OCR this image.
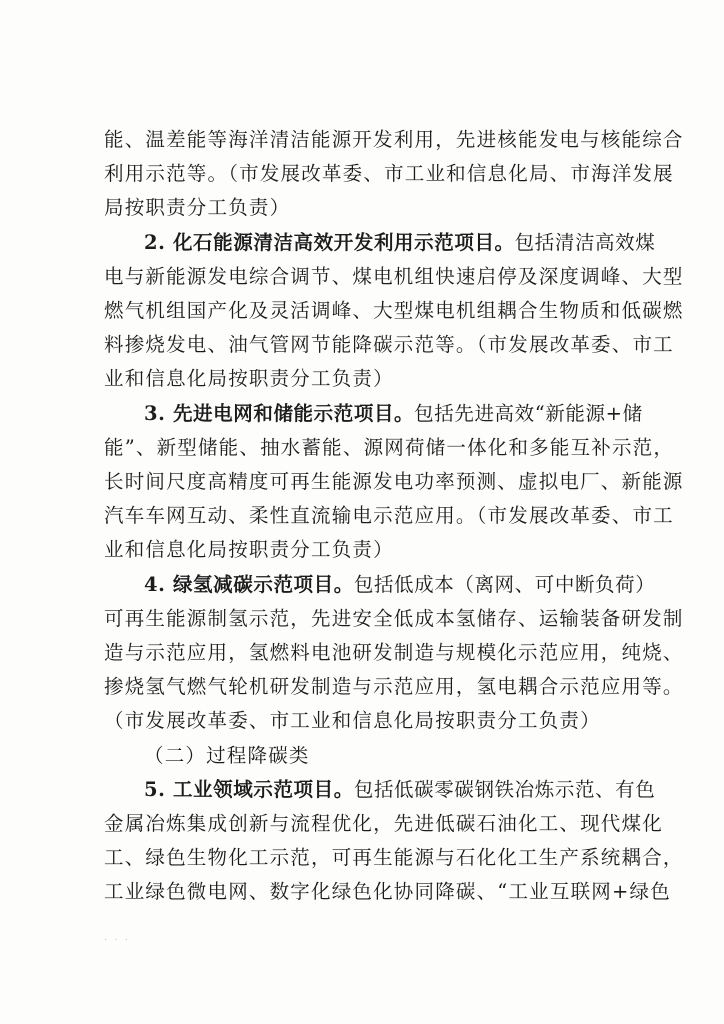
能、温差能等海洋清洁能源开发利用，先进核能发电与核能综合
利用示范等。（市发展改革委、市工业和信息化局、市海洋发展
局按职责分工负责）
2. 化石能源清洁高效开发利用示范项目。包括清洁高效煤
电与新能源发电综合调节、煤电机组快速启停及深度调峰、大型
燃气机组国产化及灵活调峰、大型煤电机组耦合生物质和低碳燃
料掺烧发电、油气管网节能降碳示范等。（市发展改革委、市工
业和信息化局按职责分工负责）
3. 先进电网和储能示范项目。包括先进高效“新能源+储
能”、新型储能、抽水蓄能、源网荷储一体化和多能互补示范，
长时间尺度高精度可再生能源发电功率预测、虚拟电厂、新能源
汽车车网互动、柔性直流输电示范应用。（市发展改革委、市工
业和信息化局按职责分工负责）
4. 绿氢减碳示范项目。包括低成本（离网、可中断负荷）
可再生能源制氢示范，先进安全低成本氢储存、运输装备研发制
造与示范应用，氢燃料电池研发制造与规模化示范应用，纯烧、
掺烧氢气燃气轮机研发制造与示范应用，氢电耦合示范应用等。
（市发展改革委、市工业和信息化局按职责分工负责）
（二）过程降碳类
5. 工业领域示范项目。包括低碳零碳钢铁冶炼示范、有色
金属冶炼集成创新与流程优化，先进低碳石油化工、现代煤化
工、绿色生物化工示范，可再生能源与石化化工生产系统耦合，
工业绿色微电网、数字化绿色化协同降碳、“工业互联网+绿色
· · ·
